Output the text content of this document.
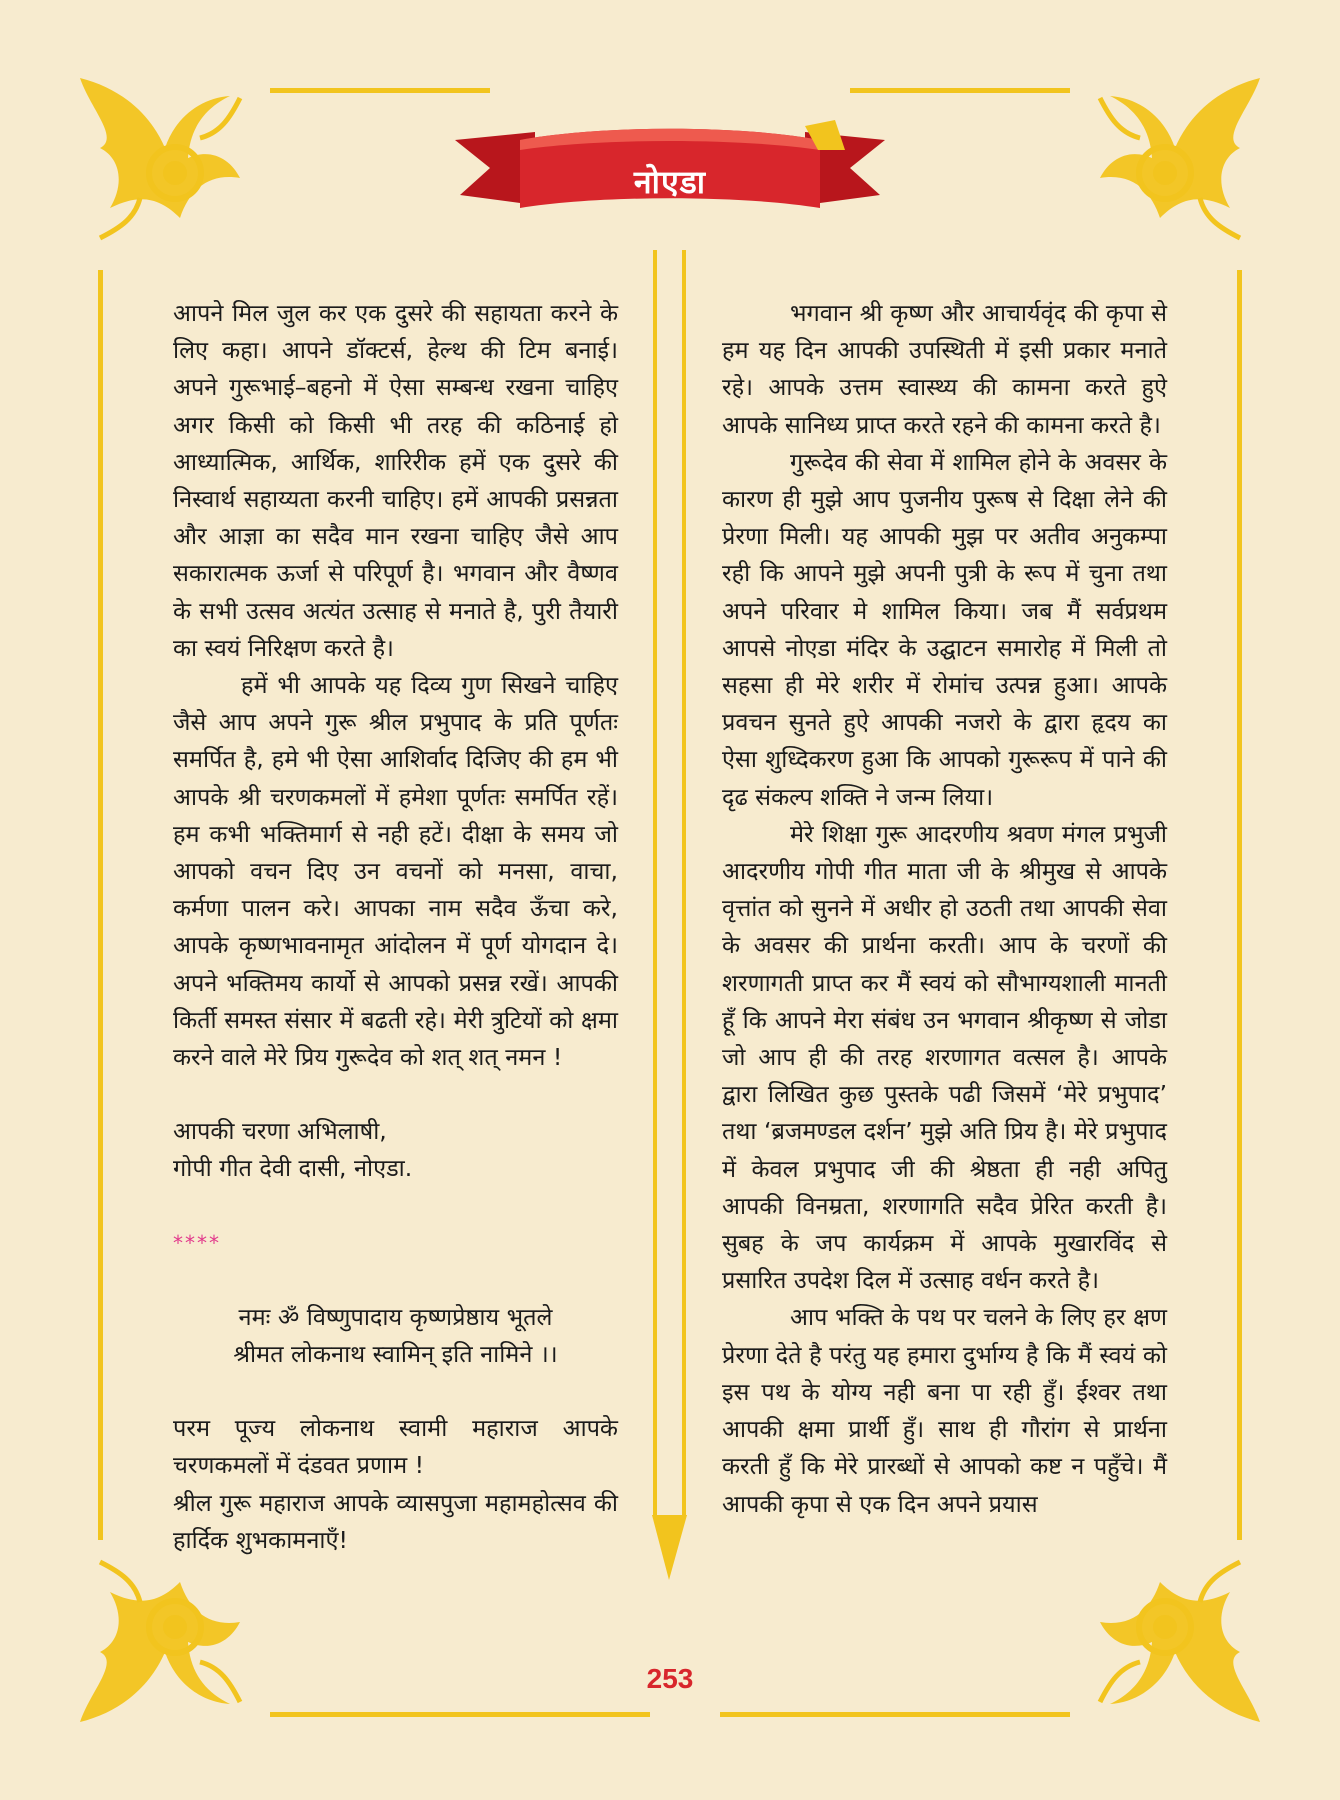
नोएडा

आपने मिल जुल कर एक दुसरे की सहायता करने के लिए कहा। आपने डॉक्टर्स, हेल्थ की टिम बनाई। अपने गुरूभाई–बहनो में ऐसा सम्बन्ध रखना चाहिए अगर किसी को किसी भी तरह की कठिनाई हो आध्यात्मिक, आर्थिक, शारिरीक हमें एक दुसरे की निस्वार्थ सहाय्यता करनी चाहिए। हमें आपकी प्रसन्नता और आज्ञा का सदैव मान रखना चाहिए जैसे आप सकारात्मक ऊर्जा से परिपूर्ण है। भगवान और वैष्णव के सभी उत्सव अत्यंत उत्साह से मनाते है, पुरी तैयारी का स्वयं निरिक्षण करते है।

हमें भी आपके यह दिव्य गुण सिखने चाहिए जैसे आप अपने गुरू श्रील प्रभुपाद के प्रति पूर्णतः समर्पित है, हमे भी ऐसा आशिर्वाद दिजिए की हम भी आपके श्री चरणकमलों में हमेशा पूर्णतः समर्पित रहें। हम कभी भक्तिमार्ग से नही हटें। दीक्षा के समय जो आपको वचन दिए उन वचनों को मनसा, वाचा, कर्मणा पालन करे। आपका नाम सदैव ऊँचा करे, आपके कृष्णभावनामृत आंदोलन में पूर्ण योगदान दे। अपने भक्तिमय कार्यो से आपको प्रसन्न रखें। आपकी किर्ती समस्त संसार में बढती रहे। मेरी त्रुटियों को क्षमा करने वाले मेरे प्रिय गुरूदेव को शत् शत् नमन !

आपकी चरणा अभिलाषी,

गोपी गीत देवी दासी, नोएडा.

****

नमः ॐ विष्णुपादाय कृष्णप्रेष्ठाय भूतले

श्रीमत लोकनाथ स्वामिन् इति नामिने ।।

परम पूज्य लोकनाथ स्वामी महाराज आपके चरणकमलों में दंडवत प्रणाम !

श्रील गुरू महाराज आपके व्यासपुजा महामहोत्सव की हार्दिक शुभकामनाएँ!

भगवान श्री कृष्ण और आचार्यवृंद की कृपा से हम यह दिन आपकी उपस्थिती में इसी प्रकार मनाते रहे। आपके उत्तम स्वास्थ्य की कामना करते हुऐ आपके सानिध्य प्राप्त करते रहने की कामना करते है।

गुरूदेव की सेवा में शामिल होने के अवसर के कारण ही मुझे आप पुजनीय पुरूष से दिक्षा लेने की प्रेरणा मिली। यह आपकी मुझ पर अतीव अनुकम्पा रही कि आपने मुझे अपनी पुत्री के रूप में चुना तथा अपने परिवार मे शामिल किया। जब मैं सर्वप्रथम आपसे नोएडा मंदिर के उद्घाटन समारोह में मिली तो सहसा ही मेरे शरीर में रोमांच उत्पन्न हुआ। आपके प्रवचन सुनते हुऐ आपकी नजरो के द्वारा हृदय का ऐसा शुध्दिकरण हुआ कि आपको गुरूरूप में पाने की दृढ संकल्प शक्ति ने जन्म लिया।

मेरे शिक्षा गुरू आदरणीय श्रवण मंगल प्रभुजी आदरणीय गोपी गीत माता जी के श्रीमुख से आपके वृत्तांत को सुनने में अधीर हो उठती तथा आपकी सेवा के अवसर की प्रार्थना करती। आप के चरणों की शरणागती प्राप्त कर मैं स्वयं को सौभाग्यशाली मानती हूँ कि आपने मेरा संबंध उन भगवान श्रीकृष्ण से जोडा जो आप ही की तरह शरणागत वत्सल है। आपके द्वारा लिखित कुछ पुस्तके पढी जिसमें ‘मेरे प्रभुपाद’ तथा ‘ब्रजमण्डल दर्शन’ मुझे अति प्रिय है। मेरे प्रभुपाद में केवल प्रभुपाद जी की श्रेष्ठता ही नही अपितु आपकी विनम्रता, शरणागति सदैव प्रेरित करती है। सुबह के जप कार्यक्रम में आपके मुखारविंद से प्रसारित उपदेश दिल में उत्साह वर्धन करते है।

आप भक्ति के पथ पर चलने के लिए हर क्षण प्रेरणा देते है परंतु यह हमारा दुर्भाग्य है कि मैं स्वयं को इस पथ के योग्य नही बना पा रही हुँ। ईश्वर तथा आपकी क्षमा प्रार्थी हुँ। साथ ही गौरांग से प्रार्थना करती हुँ कि मेरे प्रारब्धों से आपको कष्ट न पहुँचे। मैं आपकी कृपा से एक दिन अपने प्रयास

253
